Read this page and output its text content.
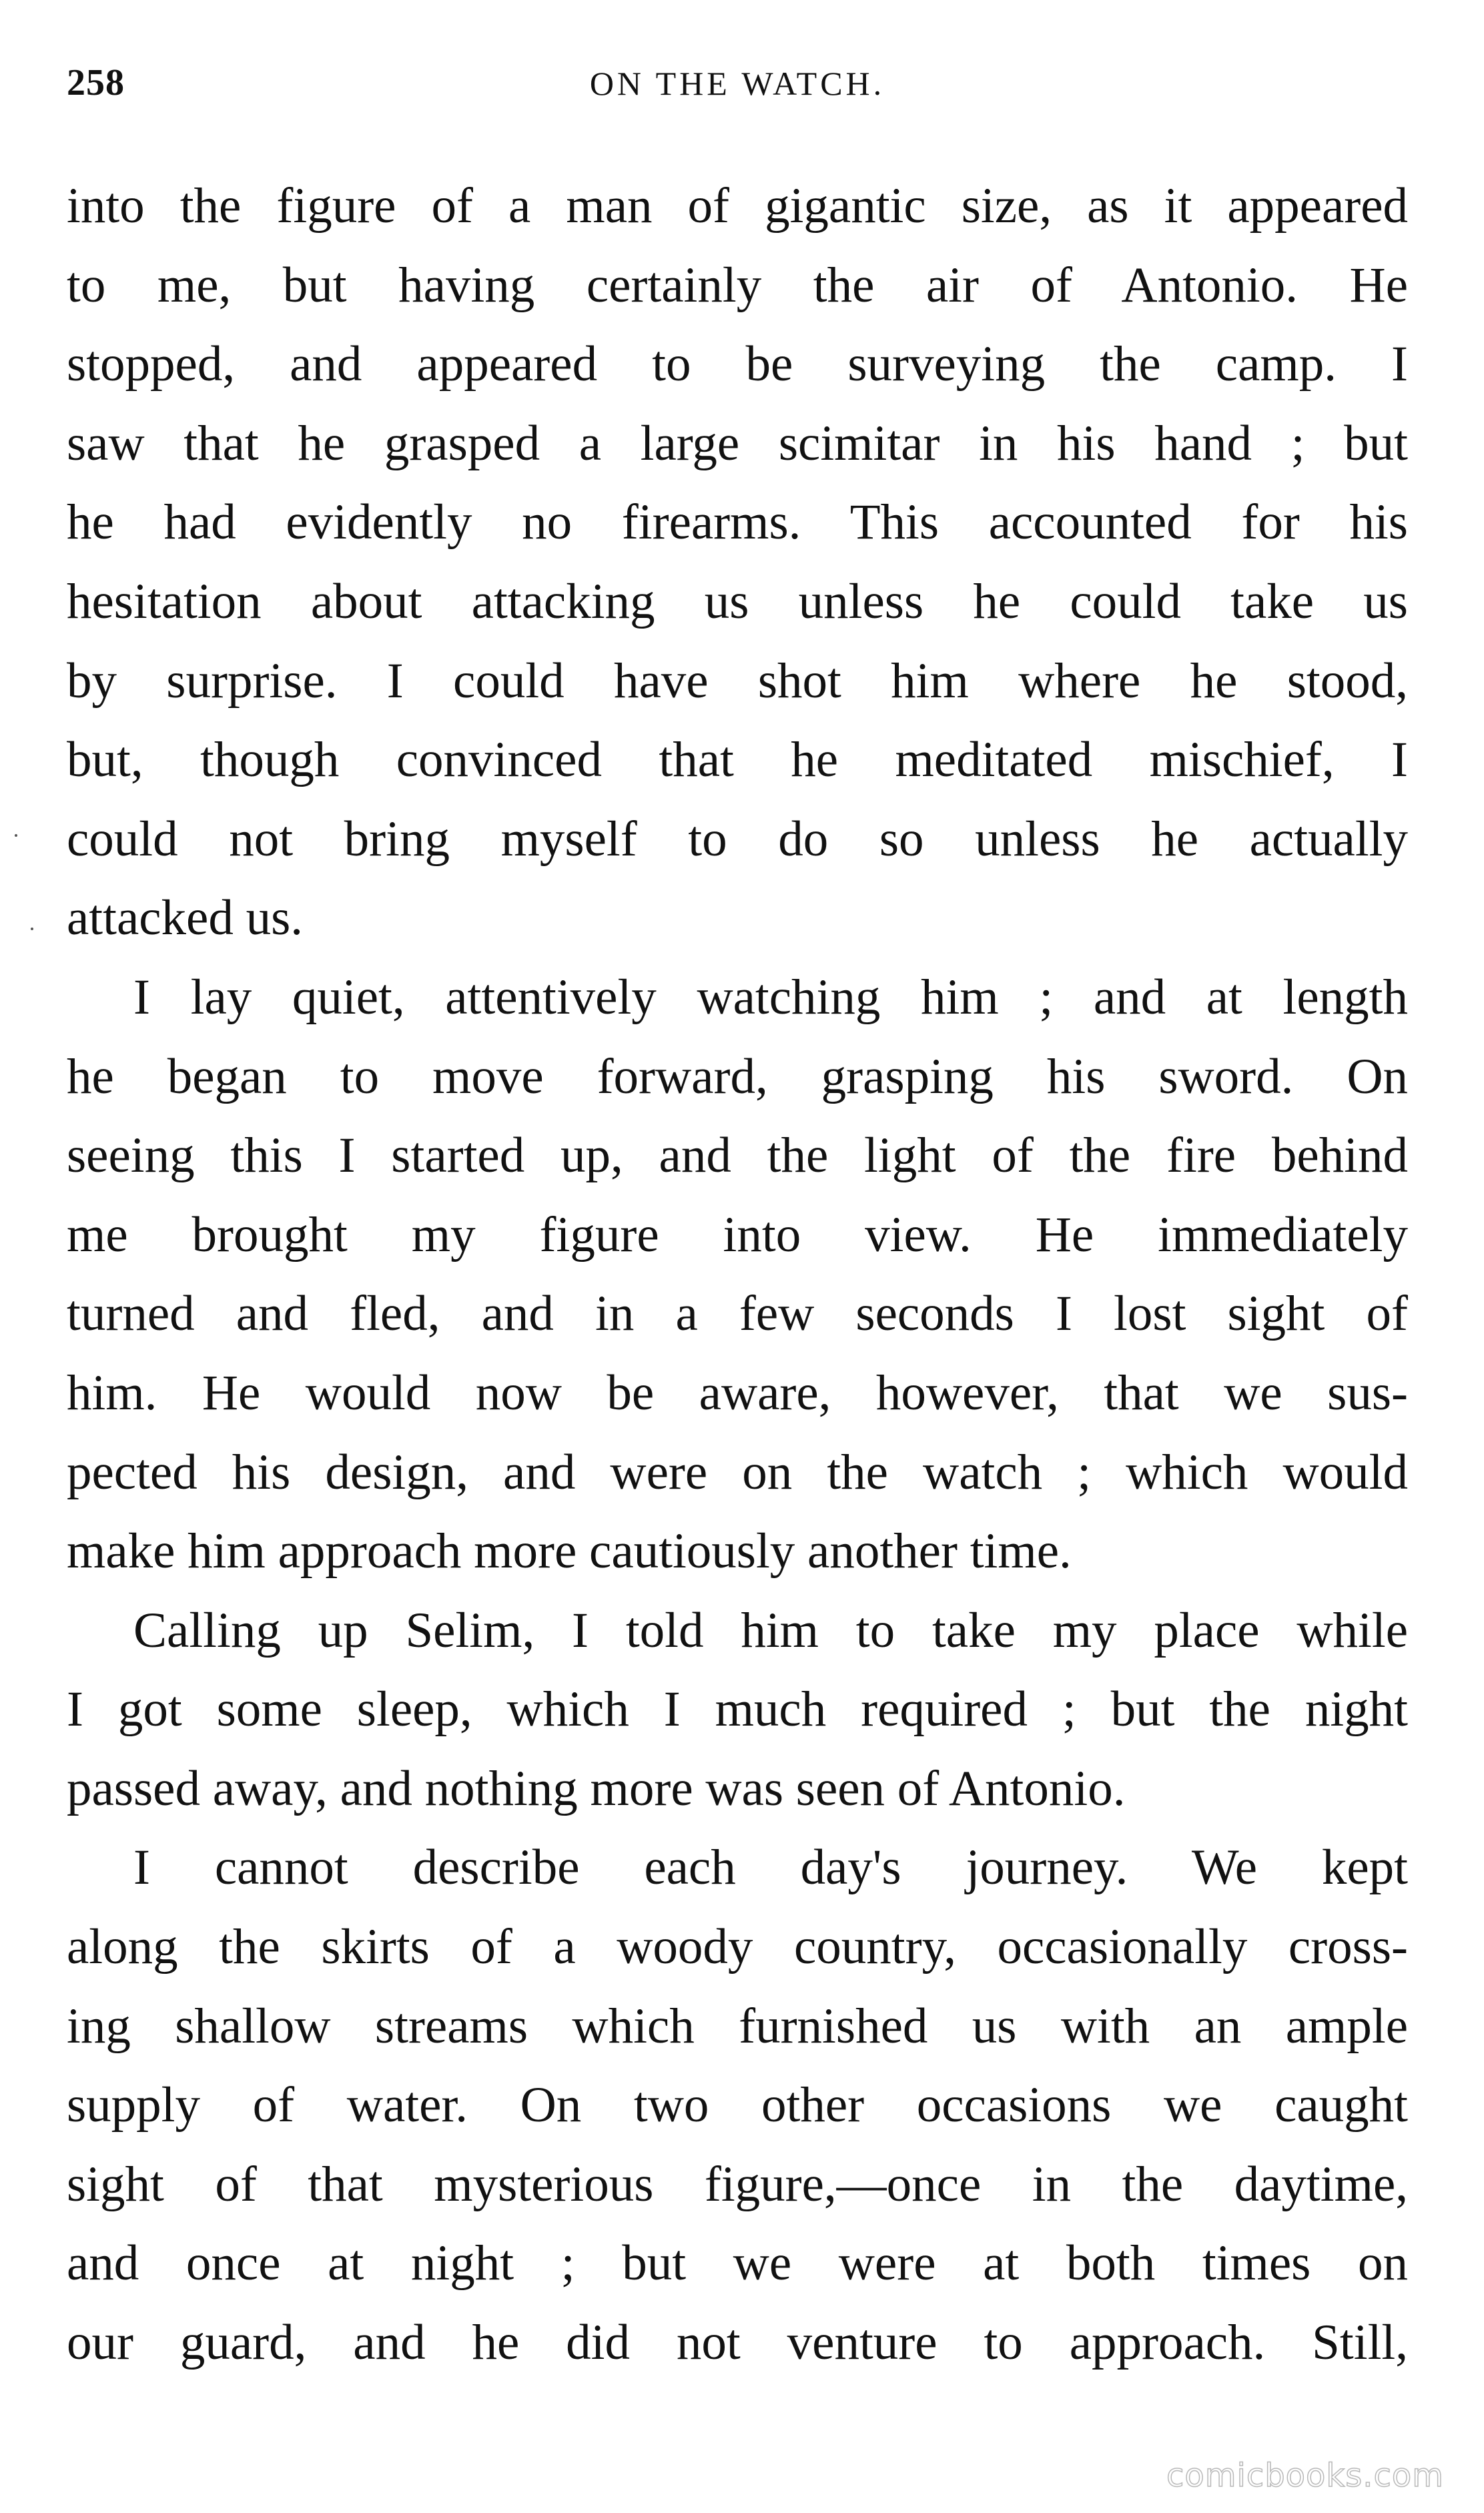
258	ON THE WATCH.
into the figure of a man of gigantic size, as it appeared
to me, but having certainly the air of Antonio. He
stopped, and appeared to be surveying the camp. I
saw that he grasped a large scimitar in his hand ; but
he had evidently no firearms. This accounted for his
hesitation about attacking us unless he could take us
by surprise. I could have shot him where he stood,
but, though convinced that he meditated mischief, I
could not bring myself to do so unless he actually
attacked us.
I lay quiet, attentively watching him ; and at length
he began to move forward, grasping his sword. On
seeing this I started up, and the light of the fire behind
me brought my figure into view. He immediately
turned and fled, and in a few seconds I lost sight of
him. He would now be aware, however, that we sus-
pected his design, and were on the watch ; which would
make him approach more cautiously another time.
Calling up Selim, I told him to take my place while
I got some sleep, which I much required ; but the night
passed away, and nothing more was seen of Antonio.
I cannot describe each day's journey. We kept
along the skirts of a woody country, occasionally cross-
ing shallow streams which furnished us with an ample
supply of water. On two other occasions we caught
sight of that mysterious figure,—once in the daytime,
and once at night ; but we were at both times on
our guard, and he did not venture to approach. Still,
comicbooks.com
